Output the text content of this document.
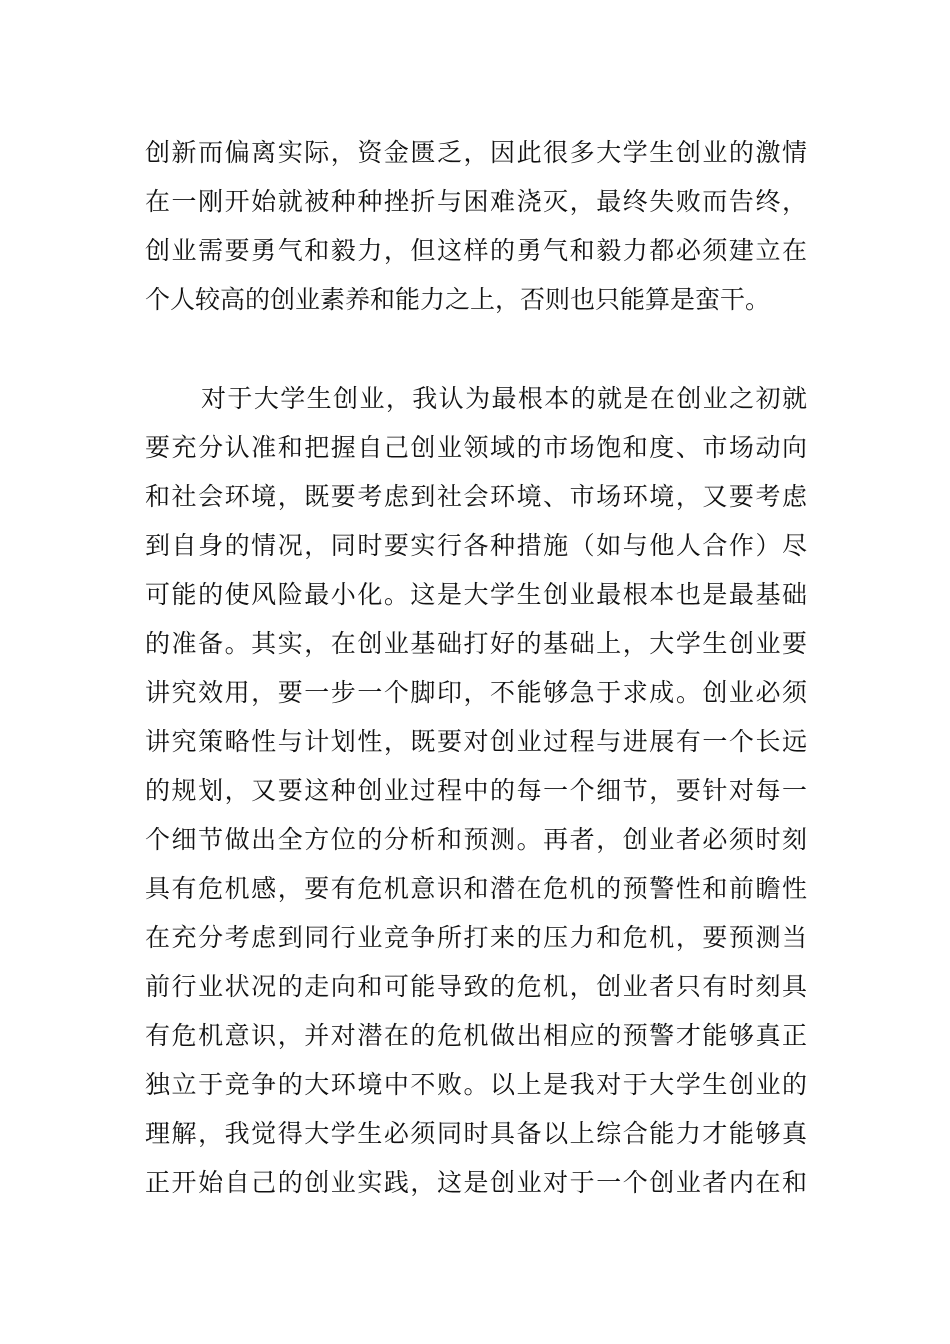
创新而偏离实际，资金匮乏，因此很多大学生创业的激情
在一刚开始就被种种挫折与困难浇灭，最终失败而告终，
创业需要勇气和毅力，但这样的勇气和毅力都必须建立在
个人较高的创业素养和能力之上，否则也只能算是蛮干。
对于大学生创业，我认为最根本的就是在创业之初就
要充分认准和把握自己创业领域的市场饱和度、市场动向
和社会环境，既要考虑到社会环境、市场环境，又要考虑
到自身的情况，同时要实行各种措施（如与他人合作）尽
可能的使风险最小化。这是大学生创业最根本也是最基础
的准备。其实，在创业基础打好的基础上，大学生创业要
讲究效用，要一步一个脚印，不能够急于求成。创业必须
讲究策略性与计划性，既要对创业过程与进展有一个长远
的规划，又要这种创业过程中的每一个细节，要针对每一
个细节做出全方位的分析和预测。再者，创业者必须时刻
具有危机感，要有危机意识和潜在危机的预警性和前瞻性
在充分考虑到同行业竞争所打来的压力和危机，要预测当
前行业状况的走向和可能导致的危机，创业者只有时刻具
有危机意识，并对潜在的危机做出相应的预警才能够真正
独立于竞争的大环境中不败。以上是我对于大学生创业的
理解，我觉得大学生必须同时具备以上综合能力才能够真
正开始自己的创业实践，这是创业对于一个创业者内在和
